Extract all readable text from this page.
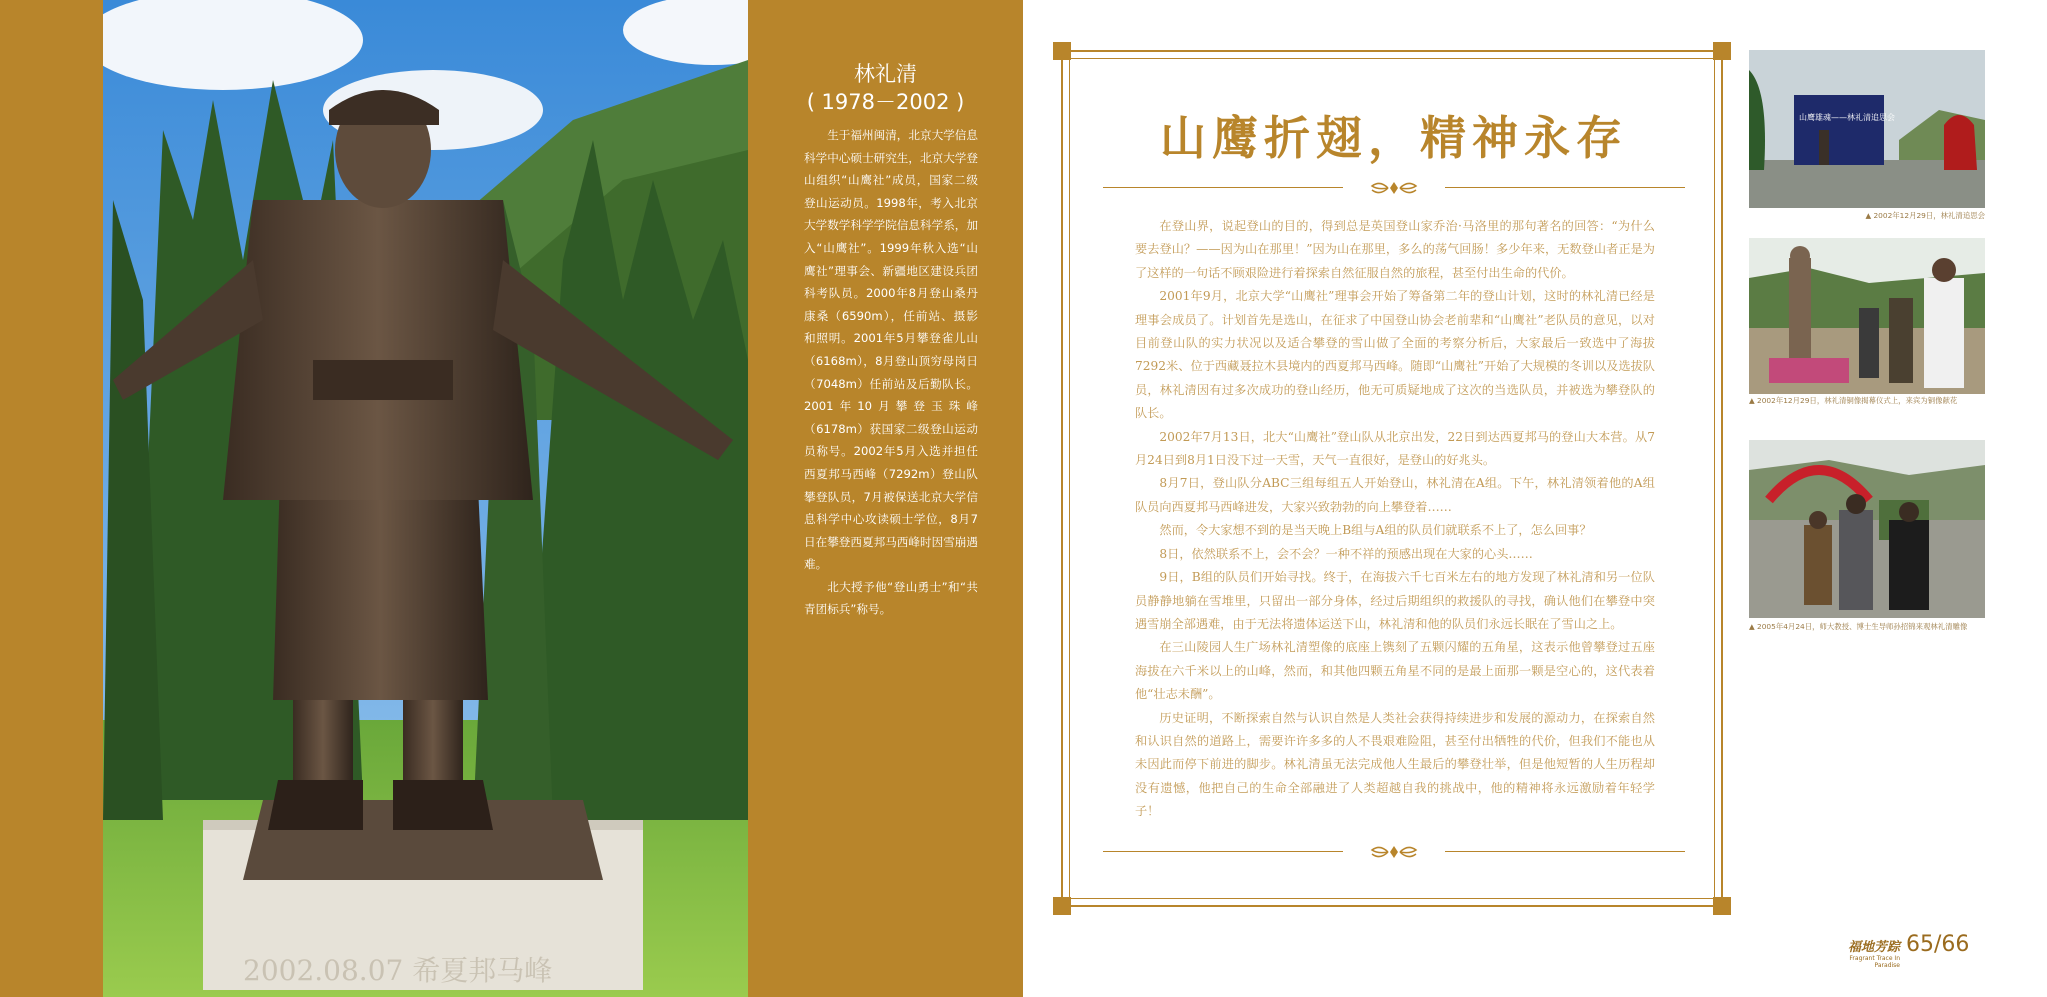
2002.08.07 希夏邦马峰
林礼清
( 1978－2002 )

生于福州闽清，北京大学信息科学中心硕士研究生，北京大学登山组织“山鹰社”成员，国家二级登山运动员。1998年，考入北京大学数学科学学院信息科学系，加入“山鹰社”。1999年秋入选“山鹰社”理事会、新疆地区建设兵团科考队员。2000年8月登山桑丹康桑（6590m），任前站、摄影和照明。2001年5月攀登雀儿山（6168m），8月登山顶穷母岗日（7048m）任前站及后勤队长。2001年10月攀登玉珠峰（6178m）获国家二级登山运动员称号。2002年5月入选并担任西夏邦马西峰（7292m）登山队攀登队员，7月被保送北京大学信息科学中心攻读硕士学位，8月7日在攀登西夏邦马西峰时因雪崩遇难。

北大授予他“登山勇士”和“共青团标兵”称号。

山鹰折翅，精神永存

在登山界，说起登山的目的，得到总是英国登山家乔治·马洛里的那句著名的回答：“为什么要去登山？——因为山在那里！”因为山在那里，多么的荡气回肠！多少年来，无数登山者正是为了这样的一句话不顾艰险进行着探索自然征服自然的旅程，甚至付出生命的代价。

2001年9月，北京大学“山鹰社”理事会开始了筹备第二年的登山计划，这时的林礼清已经是理事会成员了。计划首先是选山，在征求了中国登山协会老前辈和“山鹰社”老队员的意见，以对目前登山队的实力状况以及适合攀登的雪山做了全面的考察分析后，大家最后一致选中了海拔7292米、位于西藏聂拉木县境内的西夏邦马西峰。随即“山鹰社”开始了大规模的冬训以及选拔队员，林礼清因有过多次成功的登山经历，他无可质疑地成了这次的当选队员，并被选为攀登队的队长。

2002年7月13日，北大“山鹰社”登山队从北京出发，22日到达西夏邦马的登山大本营。从7月24日到8月1日没下过一天雪，天气一直很好，是登山的好兆头。

8月7日，登山队分ABC三组每组五人开始登山，林礼清在A组。下午，林礼清领着他的A组队员向西夏邦马西峰进发，大家兴致勃勃的向上攀登着……

然而，令大家想不到的是当天晚上B组与A组的队员们就联系不上了，怎么回事？

8日，依然联系不上，会不会？一种不祥的预感出现在大家的心头……

9日，B组的队员们开始寻找。终于，在海拔六千七百米左右的地方发现了林礼清和另一位队员静静地躺在雪堆里，只留出一部分身体，经过后期组织的救援队的寻找，确认他们在攀登中突遇雪崩全部遇难，由于无法将遗体运送下山，林礼清和他的队员们永远长眠在了雪山之上。

在三山陵园人生广场林礼清塑像的底座上镌刻了五颗闪耀的五角星，这表示他曾攀登过五座海拔在六千米以上的山峰，然而，和其他四颗五角星不同的是最上面那一颗是空心的，这代表着他“壮志未酬”。

历史证明，不断探索自然与认识自然是人类社会获得持续进步和发展的源动力，在探索自然和认识自然的道路上，需要许许多多的人不畏艰难险阻，甚至付出牺牲的代价，但我们不能也从未因此而停下前进的脚步。林礼清虽无法完成他人生最后的攀登壮举，但是他短暂的人生历程却没有遗憾，他把自己的生命全部融进了人类超越自我的挑战中，他的精神将永远激励着年轻学子！

山鹰雄魂——林礼清追思会
▲ 2002年12月29日，林礼清追思会
▲ 2002年12月29日，林礼清铜像揭幕仪式上，来宾为铜像献花
▲ 2005年4月24日，师大教授、博士生导师孙招锦来观林礼清雕像
福地芳踪
Fragrant Trace In Paradise
65/66
